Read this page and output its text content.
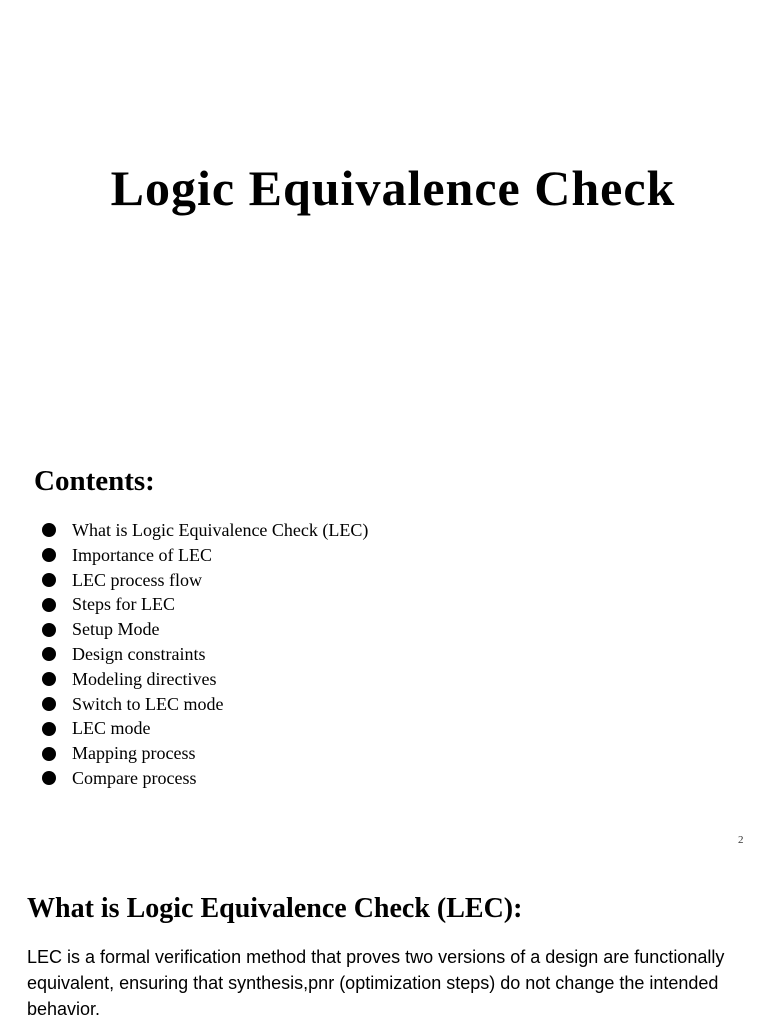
Logic Equivalence Check
Contents:
What is Logic Equivalence Check (LEC)
Importance of LEC
LEC process flow
Steps for LEC
Setup Mode
Design constraints
Modeling directives
Switch to LEC mode
LEC mode
Mapping process
Compare process
2
What is Logic Equivalence Check (LEC):

LEC is a formal verification method that proves two versions of a design are functionally equivalent, ensuring that synthesis,pnr (optimization steps) do not change the intended behavior.
